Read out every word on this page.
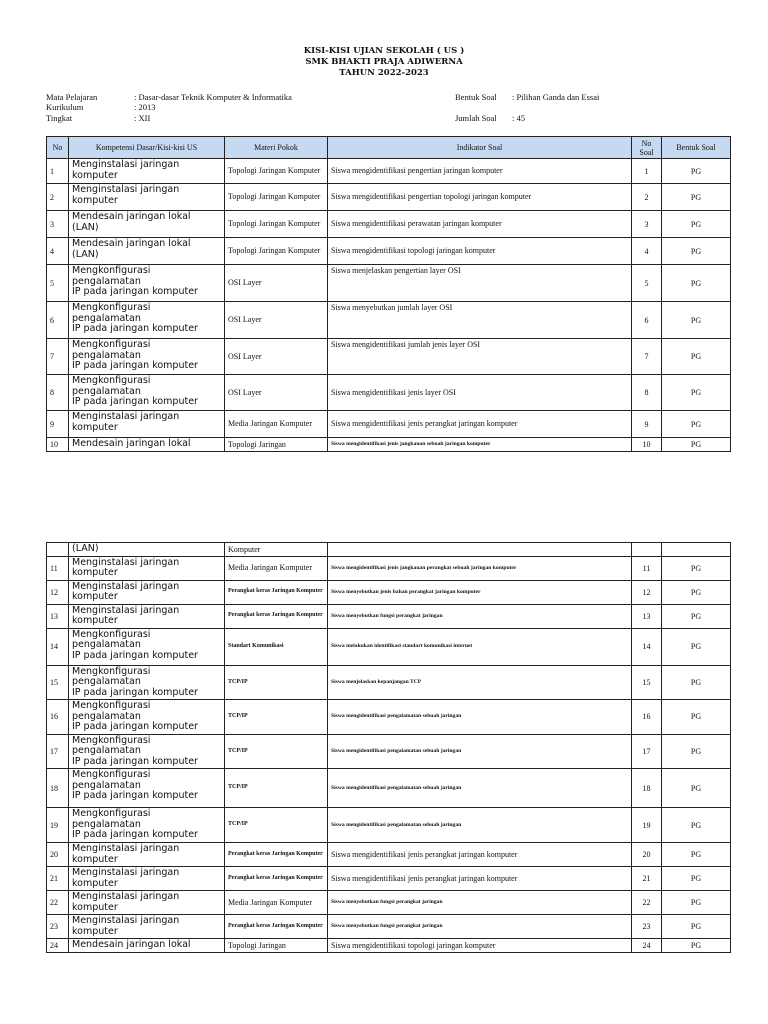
KISI-KISI UJIAN SEKOLAH ( US )
SMK BHAKTI PRAJA ADIWERNA
TAHUN 2022-2023
Mata Pelajaran	: Dasar-dasar Teknik Komputer & Informatika
Kurikulum	: 2013
Tingkat	: XII
Bentuk Soal : Pilihan Ganda dan Essai
Jumlah Soal : 45
No	Kompetensi Dasar/Kisi-kisi US	Materi Pokok	Indikator Soal	No Soal	Bentuk Soal
1	Menginstalasi jaringan
komputer	Topologi Jaringan Komputer	Siswa mengidentifikasi pengertian jaringan komputer	1	PG
2	Menginstalasi jaringan
komputer	Topologi Jaringan Komputer	Siswa mengidentifikasi pengertian topologi jaringan komputer	2	PG
3	Mendesain jaringan lokal
(LAN)	Topologi Jaringan Komputer	Siswa mengidentifikasi perawatan jaringan komputer	3	PG
4	Mendesain jaringan lokal
(LAN)	Topologi Jaringan Komputer	Siswa mengidentifikasi topologi jaringan komputer	4	PG
5	Mengkonfigurasi
pengalamatan
IP pada jaringan komputer	OSI Layer	Siswa menjelaskan pengertian layer OSI	5	PG
6	Mengkonfigurasi
pengalamatan
IP pada jaringan komputer	OSI Layer	Siswa menyebutkan jumlah layer OSI	6	PG
7	Mengkonfigurasi
pengalamatan
IP pada jaringan komputer	OSI Layer	Siswa mengidentifikasi jumlah jenis layer OSI	7	PG
8	Mengkonfigurasi
pengalamatan
IP pada jaringan komputer	OSI Layer	Siswa mengidentifikasi jenis layer OSI	8	PG
9	Menginstalasi jaringan
komputer	Media Jaringan Komputer	Siswa mengidentifikasi jenis perangkat jaringan komputer	9	PG
10	Mendesain jaringan lokal	Topologi Jaringan	Siswa mengidentifikasi jenis jangkauan sebuah jaringan komputer	10	PG

	(LAN)	Komputer			
11	Menginstalasi jaringan
komputer	Media Jaringan Komputer	Siswa mengidentifikasi jenis jangkauan perangkat sebuah jaringan komputer	11	PG
12	Menginstalasi jaringan
komputer	Perangkat keras Jaringan Komputer	Siswa menyebutkan jenis bahan perangkat jaringan komputer	12	PG
13	Menginstalasi jaringan
komputer	Perangkat keras Jaringan Komputer	Siswa menyebutkan fungsi perangkat jaringan	13	PG
14	Mengkonfigurasi
pengalamatan
IP pada jaringan komputer	Standart Komunikasi	Siswa melakukan identifikasi standart komunikasi internet	14	PG
15	Mengkonfigurasi
pengalamatan
IP pada jaringan komputer	TCP/IP	Siswa menjelaskan kepanjangan TCP	15	PG
16	Mengkonfigurasi
pengalamatan
IP pada jaringan komputer	TCP/IP	Siswa mengidentifikasi pengalamatan sebuah jaringan	16	PG
17	Mengkonfigurasi
pengalamatan
IP pada jaringan komputer	TCP/IP	Siswa mengidentifikasi pengalamatan sebuah jaringan	17	PG
18	Mengkonfigurasi
pengalamatan
IP pada jaringan komputer	TCP/IP	Siswa mengidentifikasi pengalamatan sebuah jaringan	18	PG
19	Mengkonfigurasi
pengalamatan
IP pada jaringan komputer	TCP/IP	Siswa mengidentifikasi pengalamatan sebuah jaringan	19	PG
20	Menginstalasi jaringan
komputer	Perangkat keras Jaringan Komputer	Siswa mengidentifikasi jenis perangkat jaringan komputer	20	PG
21	Menginstalasi jaringan
komputer	Perangkat keras Jaringan Komputer	Siswa mengidentifikasi jenis perangkat jaringan komputer	21	PG
22	Menginstalasi jaringan
komputer	Media Jaringan Komputer	Siswa menyebutkan fungsi perangkat jaringan	22	PG
23	Menginstalasi jaringan
komputer	Perangkat keras Jaringan Komputer	Siswa menyebutkan fungsi perangkat jaringan	23	PG
24	Mendesain jaringan lokal	Topologi Jaringan	Siswa mengidentifikasi topologi jaringan komputer	24	PG
